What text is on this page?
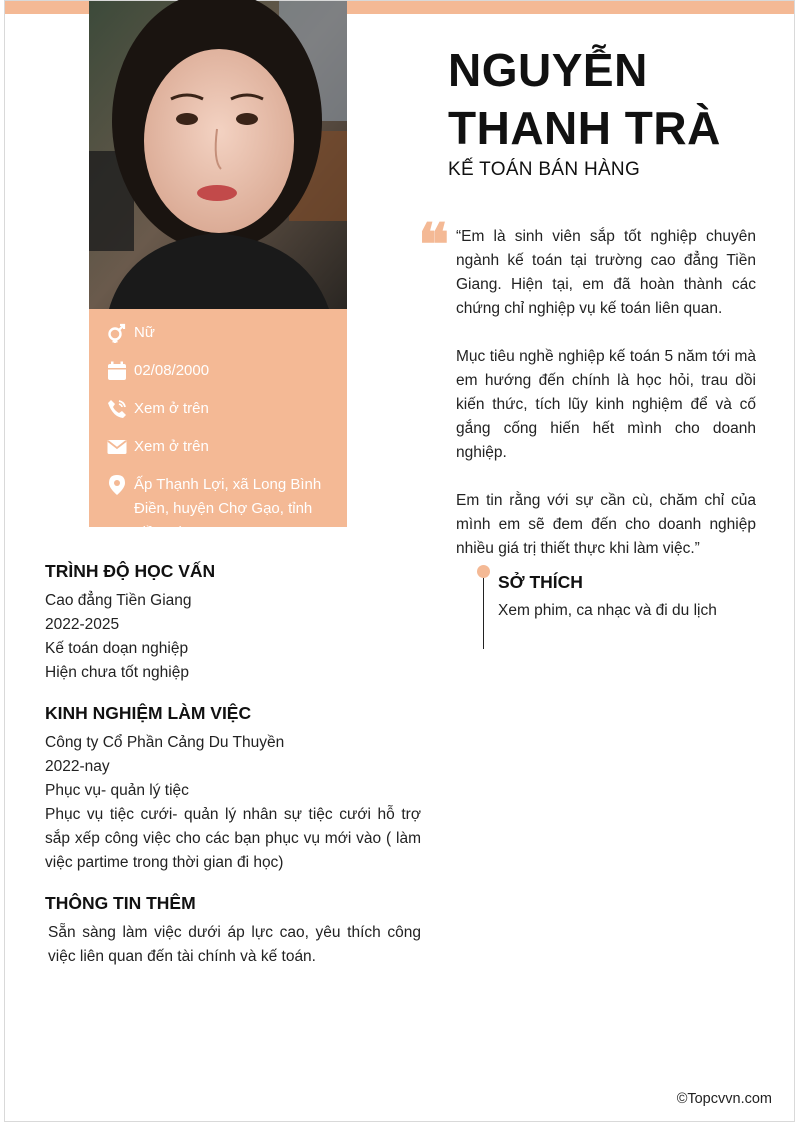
Nữ
02/08/2000
Xem ở trên
Xem ở trên
Ấp Thạnh Lợi, xã Long Bình Điền, huyện Chợ Gạo, tỉnh Tiền Giang
NGUYỄN
THANH TRÀ
KẾ TOÁN BÁN HÀNG
❝ “Em là sinh viên sắp tốt nghiệp chuyên ngành kế toán tại trường cao đẳng Tiền Giang. Hiện tại, em đã hoàn thành các chứng chỉ nghiệp vụ kế toán liên quan.

Mục tiêu nghề nghiệp kế toán 5 năm tới mà em hướng đến chính là học hỏi, trau dồi kiến thức, tích lũy kinh nghiệm để và cố gắng cống hiến hết mình cho doanh nghiệp.

Em tin rằng với sự cần cù, chăm chỉ của mình em sẽ đem đến cho doanh nghiệp nhiều giá trị thiết thực khi làm việc.”

SỞ THÍCH
Xem phim, ca nhạc và đi du lịch
TRÌNH ĐỘ HỌC VẤN
Cao đẳng Tiền Giang
2022-2025
Kế toán doạn nghiệp
Hiện chưa tốt nghiệp
KINH NGHIỆM LÀM VIỆC
Công ty Cổ Phần Cảng Du Thuyền
2022-nay
Phục vụ- quản lý tiệc
Phục vụ tiệc cưới- quản lý nhân sự tiệc cưới hỗ trợ sắp xếp công việc cho các bạn phục vụ mới vào ( làm việc partime trong thời gian đi học)
THÔNG TIN THÊM
Sẵn sàng làm việc dưới áp lực cao, yêu thích công việc liên quan đến tài chính và kế toán.
©Topcvvn.com
